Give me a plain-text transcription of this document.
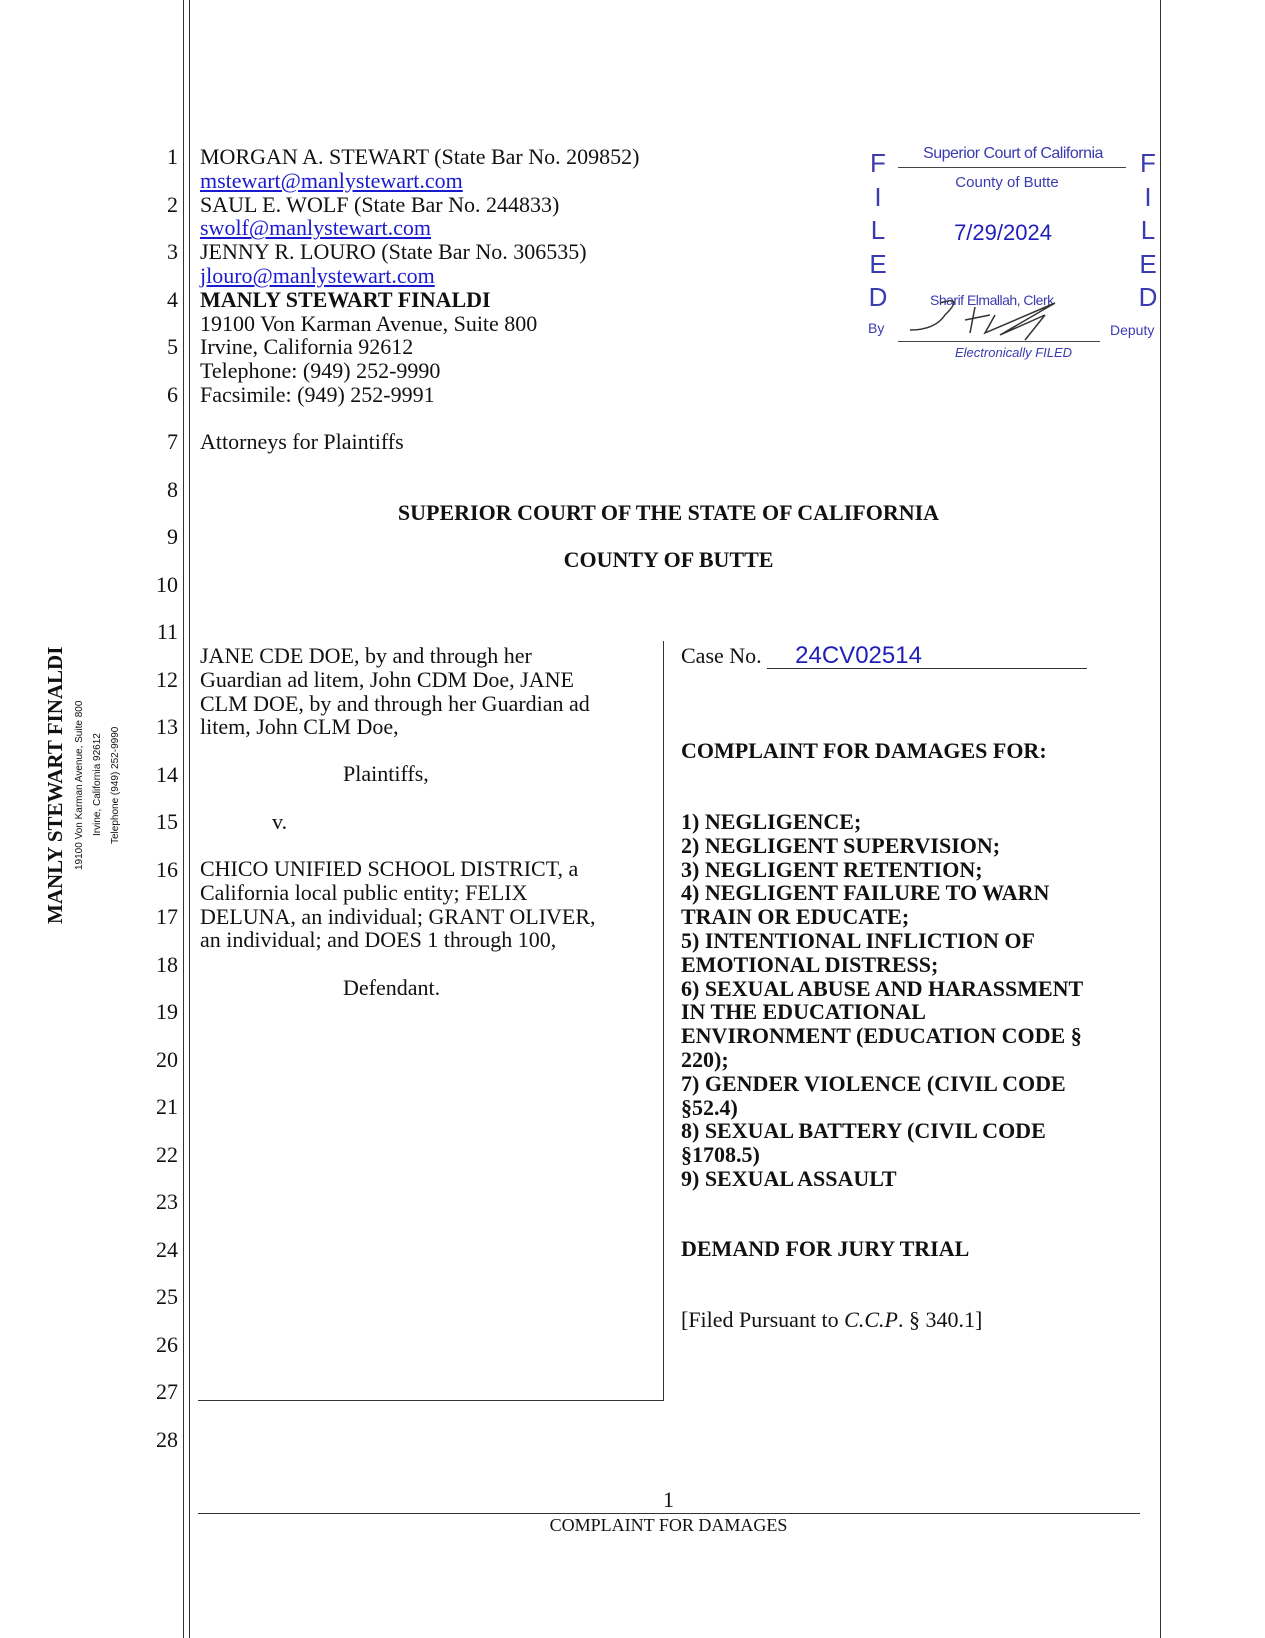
MANLY STEWART FINALDI 19100 Von Karman Avenue, Suite 800 Irvine, California 92612 Telephone (949) 252-9990
1
2
3
4
5
6
7
8
9
10
11
12
13
14
15
16
17
18
19
20
21
22
23
24
25
26
27
28
MORGAN A. STEWART (State Bar No. 209852)
mstewart@manlystewart.com
SAUL E. WOLF (State Bar No. 244833)
swolf@manlystewart.com
JENNY R. LOURO (State Bar No. 306535)
jlouro@manlystewart.com
MANLY STEWART FINALDI
19100 Von Karman Avenue, Suite 800
Irvine, California 92612
Telephone: (949) 252-9990
Facsimile: (949) 252-9991
Attorneys for Plaintiffs
F
I
L
E
D
F
I
L
E
D
Superior Court of California
County of Butte
7/29/2024
Sharif Elmallah, Clerk
By	Deputy
Electronically FILED
SUPERIOR COURT OF THE STATE OF CALIFORNIA
COUNTY OF BUTTE
JANE CDE DOE, by and through her
Guardian ad litem, John CDM Doe, JANE
CLM DOE, by and through her Guardian ad
litem, John CLM Doe,
Plaintiffs,
v.
CHICO UNIFIED SCHOOL DISTRICT, a
California local public entity; FELIX
DELUNA, an individual; GRANT OLIVER,
an individual; and DOES 1 through 100,
Defendant.
Case No. 24CV02514
COMPLAINT FOR DAMAGES FOR:
1) NEGLIGENCE;
2) NEGLIGENT SUPERVISION;
3) NEGLIGENT RETENTION;
4) NEGLIGENT FAILURE TO WARN
TRAIN OR EDUCATE;
5) INTENTIONAL INFLICTION OF
EMOTIONAL DISTRESS;
6) SEXUAL ABUSE AND HARASSMENT
IN THE EDUCATIONAL
ENVIRONMENT (EDUCATION CODE §
220);
7) GENDER VIOLENCE (CIVIL CODE
§52.4)
8) SEXUAL BATTERY (CIVIL CODE
§1708.5)
9) SEXUAL ASSAULT
DEMAND FOR JURY TRIAL
[Filed Pursuant to C.C.P. § 340.1]
1
COMPLAINT FOR DAMAGES
